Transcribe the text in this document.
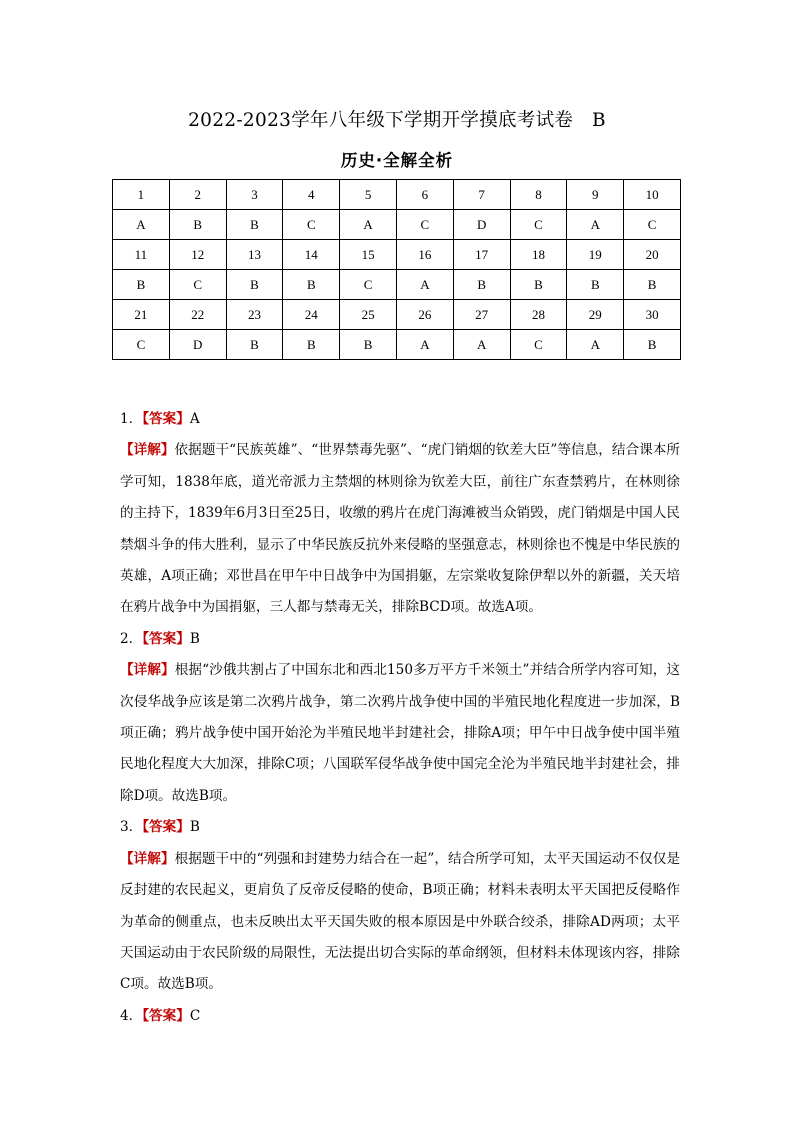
2022-2023学年八年级下学期开学摸底考试卷　B
历史·全解全析
1	2	3	4	5	6	7	8	9	10
A	B	B	C	A	C	D	C	A	C
11	12	13	14	15	16	17	18	19	20
B	C	B	B	C	A	B	B	B	B
21	22	23	24	25	26	27	28	29	30
C	D	B	B	B	A	A	C	A	B
1．【答案】A
【详解】依据题干“民族英雄”、“世界禁毒先驱”、“虎门销烟的钦差大臣”等信息，结合课本所学可知，1838年底，道光帝派力主禁烟的林则徐为钦差大臣，前往广东查禁鸦片，在林则徐的主持下，1839年6月3日至25日，收缴的鸦片在虎门海滩被当众销毁，虎门销烟是中国人民禁烟斗争的伟大胜利，显示了中华民族反抗外来侵略的坚强意志，林则徐也不愧是中华民族的英雄，A项正确；邓世昌在甲午中日战争中为国捐躯，左宗棠收复除伊犁以外的新疆，关天培在鸦片战争中为国捐躯，三人都与禁毒无关，排除BCD项。故选A项。
2．【答案】B
【详解】根据“沙俄共割占了中国东北和西北150多万平方千米领土”并结合所学内容可知，这次侵华战争应该是第二次鸦片战争，第二次鸦片战争使中国的半殖民地化程度进一步加深，B项正确；鸦片战争使中国开始沦为半殖民地半封建社会，排除A项；甲午中日战争使中国半殖民地化程度大大加深，排除C项；八国联军侵华战争使中国完全沦为半殖民地半封建社会，排除D项。故选B项。
3．【答案】B
【详解】根据题干中的“列强和封建势力结合在一起”，结合所学可知，太平天国运动不仅仅是反封建的农民起义，更肩负了反帝反侵略的使命，B项正确；材料未表明太平天国把反侵略作为革命的侧重点，也未反映出太平天国失败的根本原因是中外联合绞杀，排除AD两项；太平天国运动由于农民阶级的局限性，无法提出切合实际的革命纲领，但材料未体现该内容，排除C项。故选B项。
4．【答案】C
